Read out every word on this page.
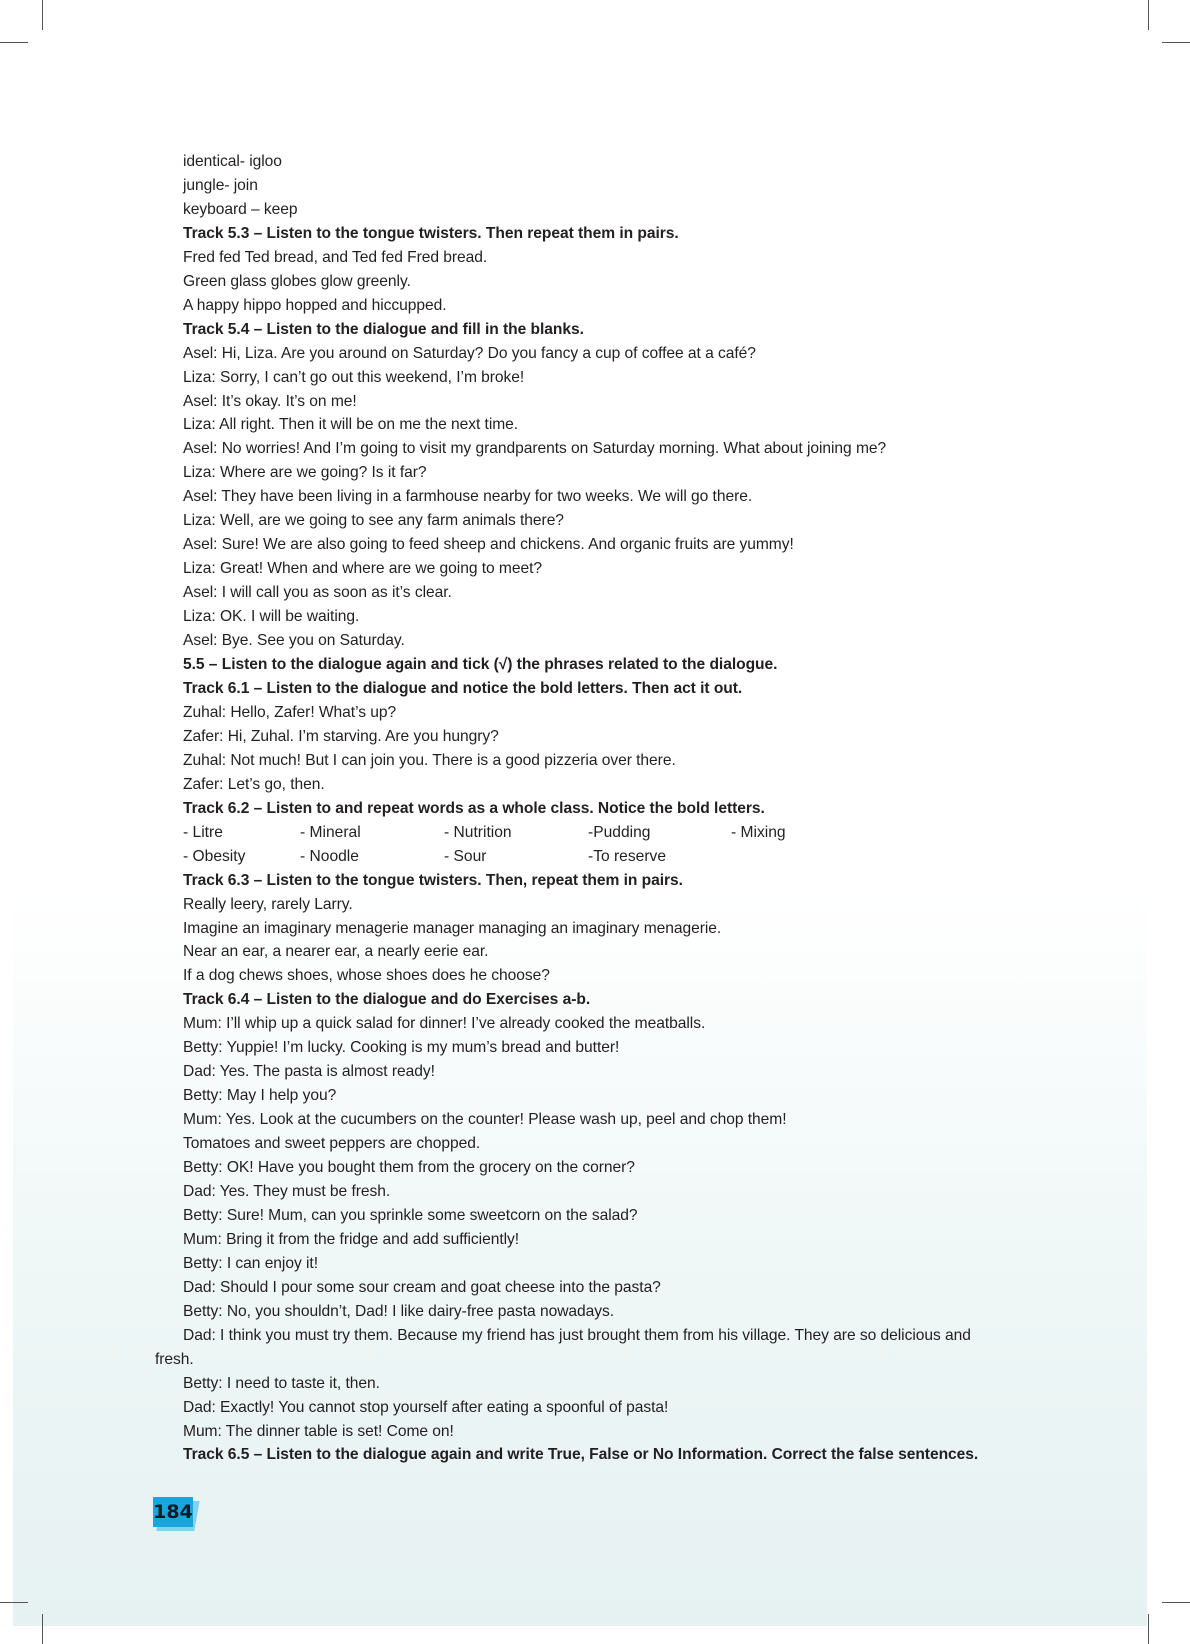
identical- igloo
jungle- join
keyboard – keep
Track 5.3 – Listen to the tongue twisters. Then repeat them in pairs.
Fred fed Ted bread, and Ted fed Fred bread.
Green glass globes glow greenly.
A happy hippo hopped and hiccupped.
Track 5.4 – Listen to the dialogue and fill in the blanks.
Asel: Hi, Liza. Are you around on Saturday? Do you fancy a cup of coffee at a café?
Liza: Sorry, I can’t go out this weekend, I’m broke!
Asel: It’s okay. It’s on me!
Liza: All right. Then it will be on me the next time.
Asel: No worries! And I’m going to visit my grandparents on Saturday morning. What about joining me?
Liza: Where are we going? Is it far?
Asel: They have been living in a farmhouse nearby for two weeks. We will go there.
Liza: Well, are we going to see any farm animals there?
Asel: Sure! We are also going to feed sheep and chickens. And organic fruits are yummy!
Liza: Great! When and where are we going to meet?
Asel: I will call you as soon as it’s clear.
Liza: OK. I will be waiting.
Asel: Bye. See you on Saturday.
5.5 – Listen to the dialogue again and tick (√) the phrases related to the dialogue.
Track 6.1 – Listen to the dialogue and notice the bold letters. Then act it out.
Zuhal: Hello, Zafer! What’s up?
Zafer: Hi, Zuhal. I’m starving. Are you hungry?
Zuhal: Not much! But I can join you. There is a good pizzeria over there.
Zafer: Let’s go, then.
Track 6.2 – Listen to and repeat words as a whole class. Notice the bold letters.
- Litre	- Mineral	- Nutrition	-Pudding	- Mixing
- Obesity	- Noodle	- Sour	-To reserve
Track 6.3 – Listen to the tongue twisters. Then, repeat them in pairs.
Really leery, rarely Larry.
Imagine an imaginary menagerie manager managing an imaginary menagerie.
Near an ear, a nearer ear, a nearly eerie ear.
If a dog chews shoes, whose shoes does he choose?
Track 6.4 – Listen to the dialogue and do Exercises a-b.
Mum: I’ll whip up a quick salad for dinner! I’ve already cooked the meatballs.
Betty: Yuppie! I’m lucky. Cooking is my mum’s bread and butter!
Dad: Yes. The pasta is almost ready!
Betty: May I help you?
Mum: Yes. Look at the cucumbers on the counter! Please wash up, peel and chop them!
Tomatoes and sweet peppers are chopped.
Betty: OK! Have you bought them from the grocery on the corner?
Dad: Yes. They must be fresh.
Betty: Sure! Mum, can you sprinkle some sweetcorn on the salad?
Mum: Bring it from the fridge and add sufficiently!
Betty: I can enjoy it!
Dad: Should I pour some sour cream and goat cheese into the pasta?
Betty: No, you shouldn’t, Dad! I like dairy-free pasta nowadays.
Dad: I think you must try them. Because my friend has just brought them from his village. They are so delicious and
fresh.
Betty: I need to taste it, then.
Dad: Exactly! You cannot stop yourself after eating a spoonful of pasta!
Mum: The dinner table is set! Come on!
Track 6.5 – Listen to the dialogue again and write True, False or No Information. Correct the false sentences.
184
